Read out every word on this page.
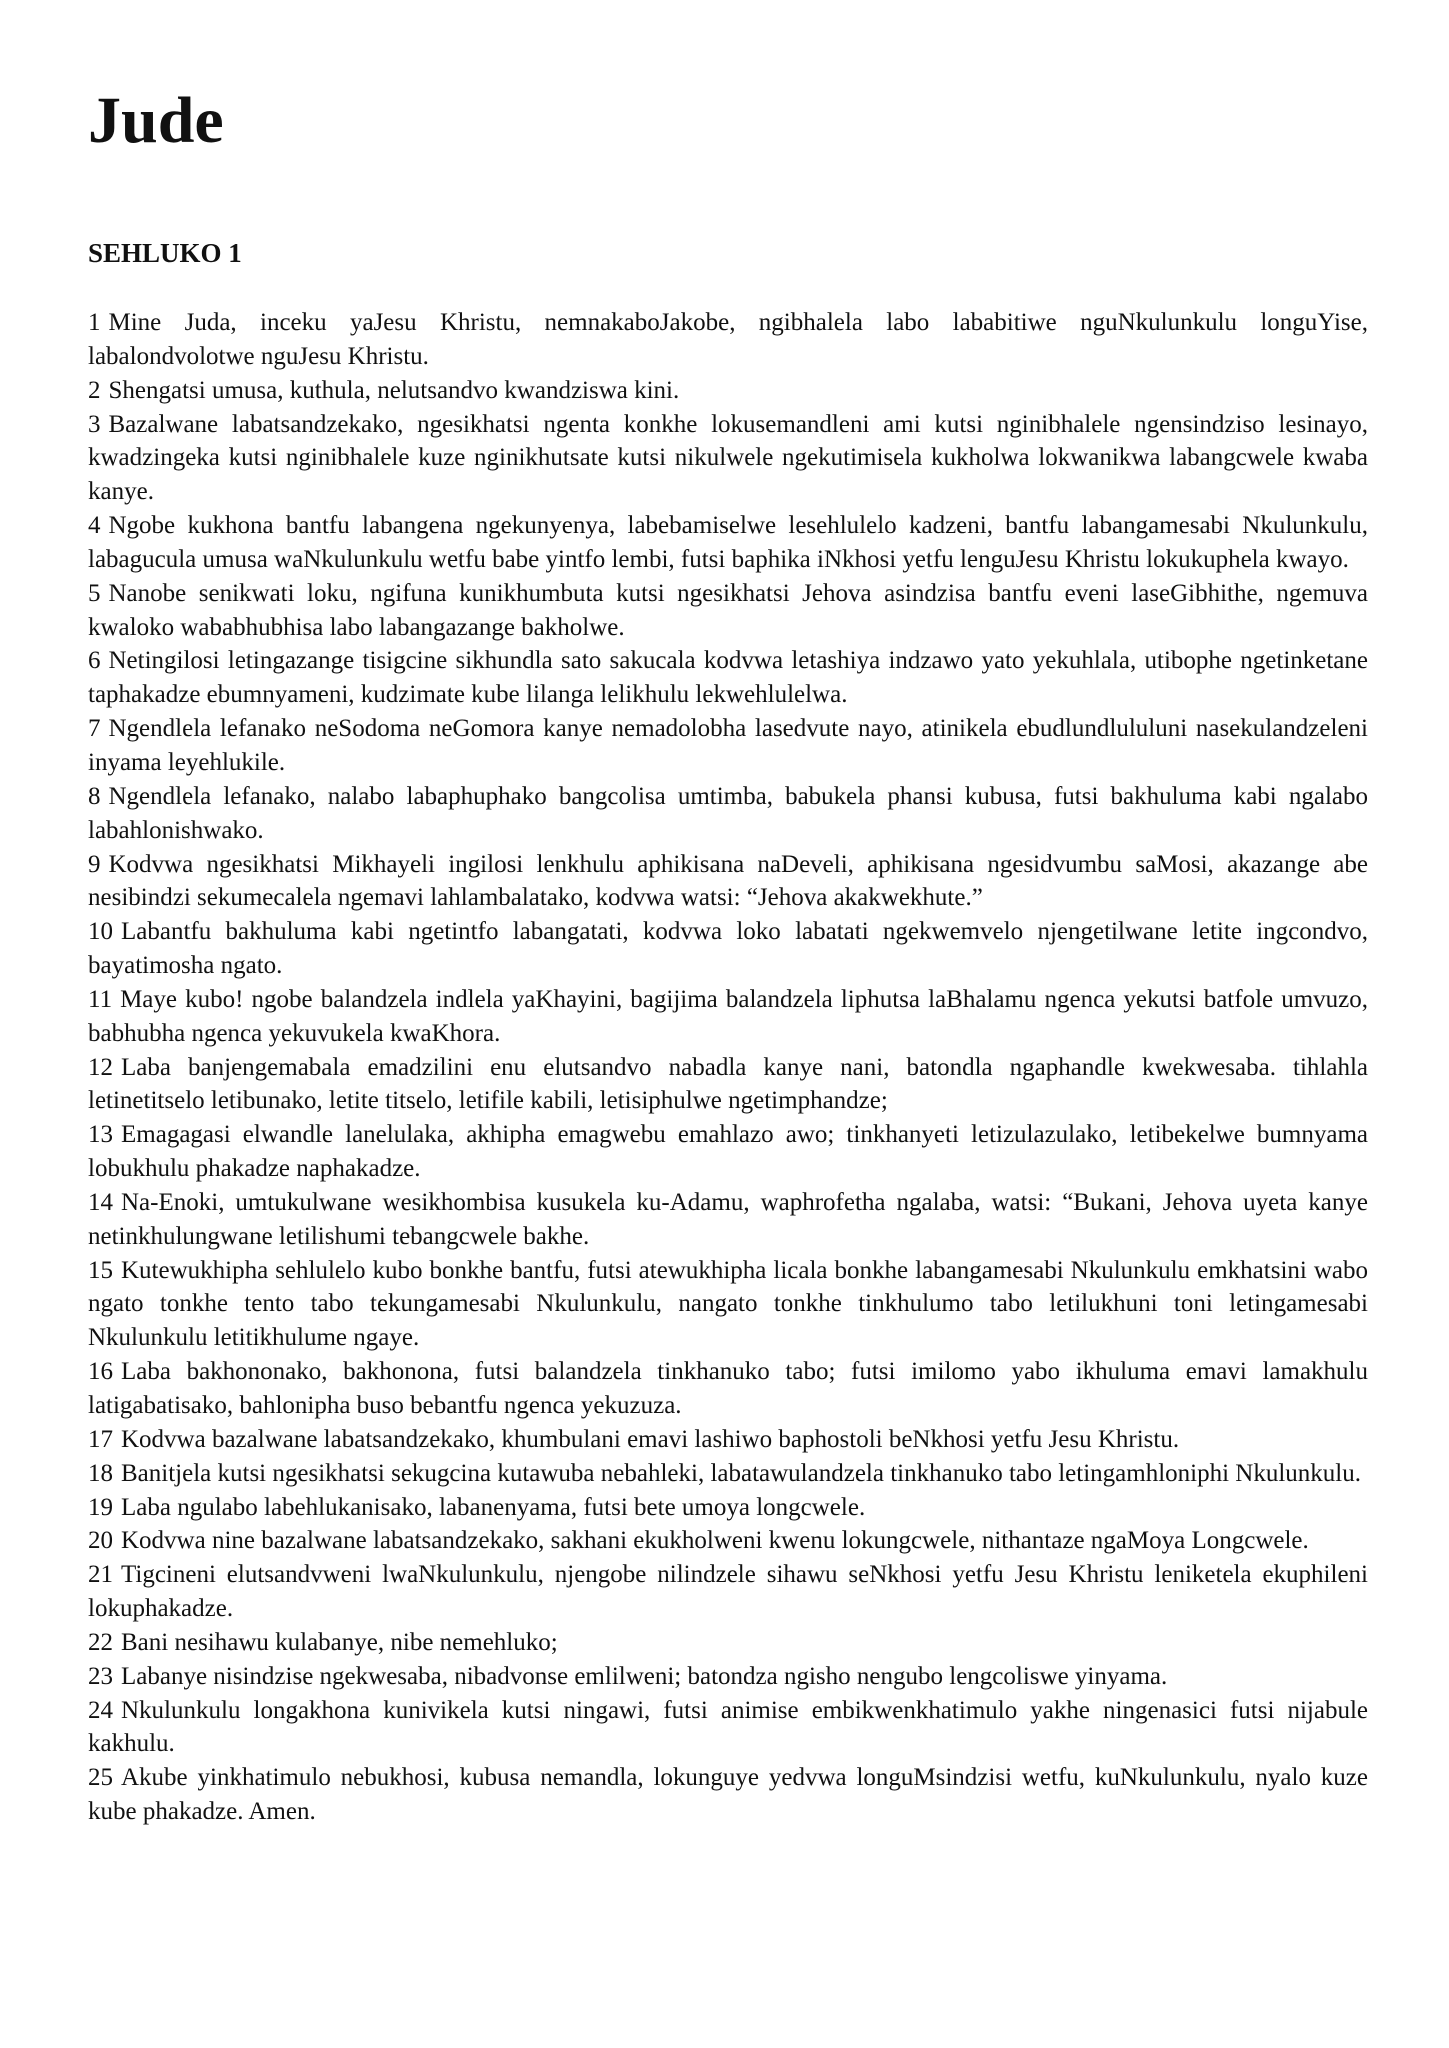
Jude
SEHLUKO 1
1 Mine Juda, inceku yaJesu Khristu, nemnakaboJakobe, ngibhalela labo lababitiwe nguNkulunkulu longuYise, labalondvolotwe nguJesu Khristu.
2 Shengatsi umusa, kuthula, nelutsandvo kwandziswa kini.
3 Bazalwane labatsandzekako, ngesikhatsi ngenta konkhe lokusemandleni ami kutsi nginibhalele ngensindziso lesinayo, kwadzingeka kutsi nginibhalele kuze nginikhutsate kutsi nikulwele ngekutimisela kukholwa lokwanikwa labangcwele kwaba kanye.
4 Ngobe kukhona bantfu labangena ngekunyenya, labebamiselwe lesehlulelo kadzeni, bantfu labangamesabi Nkulunkulu, labagucula umusa waNkulunkulu wetfu babe yintfo lembi, futsi baphika iNkhosi yetfu lenguJesu Khristu lokukuphela kwayo.
5 Nanobe senikwati loku, ngifuna kunikhumbuta kutsi ngesikhatsi Jehova asindzisa bantfu eveni laseGibhithe, ngemuva kwaloko wababhubhisa labo labangazange bakholwe.
6 Netingilosi letingazange tisigcine sikhundla sato sakucala kodvwa letashiya indzawo yato yekuhlala, utibophe ngetinketane taphakadze ebumnyameni, kudzimate kube lilanga lelikhulu lekwehlulelwa.
7 Ngendlela lefanako neSodoma neGomora kanye nemadolobha lasedvute nayo, atinikela ebudlundlululuni nasekulandzeleni inyama leyehlukile.
8 Ngendlela lefanako, nalabo labaphuphako bangcolisa umtimba, babukela phansi kubusa, futsi bakhuluma kabi ngalabo labahlonishwako.
9 Kodvwa ngesikhatsi Mikhayeli ingilosi lenkhulu aphikisana naDeveli, aphikisana ngesidvumbu saMosi, akazange abe nesibindzi sekumecalela ngemavi lahlambalatako, kodvwa watsi: “Jehova akakwekhute.”
10 Labantfu bakhuluma kabi ngetintfo labangatati, kodvwa loko labatati ngekwemvelo njengetilwane letite ingcondvo, bayatimosha ngato.
11 Maye kubo! ngobe balandzela indlela yaKhayini, bagijima balandzela liphutsa laBhalamu ngenca yekutsi batfole umvuzo, babhubha ngenca yekuvukela kwaKhora.
12 Laba banjengemabala emadzilini enu elutsandvo nabadla kanye nani, batondla ngaphandle kwekwesaba. tihlahla letinetitselo letibunako, letite titselo, letifile kabili, letisiphulwe ngetimphandze;
13 Emagagasi elwandle lanelulaka, akhipha emagwebu emahlazo awo; tinkhanyeti letizulazulako, letibekelwe bumnyama lobukhulu phakadze naphakadze.
14 Na-Enoki, umtukulwane wesikhombisa kusukela ku-Adamu, waphrofetha ngalaba, watsi: “Bukani, Jehova uyeta kanye netinkhulungwane letilishumi tebangcwele bakhe.
15 Kutewukhipha sehlulelo kubo bonkhe bantfu, futsi atewukhipha licala bonkhe labangamesabi Nkulunkulu emkhatsini wabo ngato tonkhe tento tabo tekungamesabi Nkulunkulu, nangato tonkhe tinkhulumo tabo letilukhuni toni letingamesabi Nkulunkulu letitikhulume ngaye.
16 Laba bakhononako, bakhonona, futsi balandzela tinkhanuko tabo; futsi imilomo yabo ikhuluma emavi lamakhulu latigabatisako, bahlonipha buso bebantfu ngenca yekuzuza.
17 Kodvwa bazalwane labatsandzekako, khumbulani emavi lashiwo baphostoli beNkhosi yetfu Jesu Khristu.
18 Banitjela kutsi ngesikhatsi sekugcina kutawuba nebahleki, labatawulandzela tinkhanuko tabo letingamhloniphi Nkulunkulu.
19 Laba ngulabo labehlukanisako, labanenyama, futsi bete umoya longcwele.
20 Kodvwa nine bazalwane labatsandzekako, sakhani ekukholweni kwenu lokungcwele, nithantaze ngaMoya Longcwele.
21 Tigcineni elutsandvweni lwaNkulunkulu, njengobe nilindzele sihawu seNkhosi yetfu Jesu Khristu leniketela ekuphileni lokuphakadze.
22 Bani nesihawu kulabanye, nibe nemehluko;
23 Labanye nisindzise ngekwesaba, nibadvonse emlilweni; batondza ngisho nengubo lengcoliswe yinyama.
24 Nkulunkulu longakhona kunivikela kutsi ningawi, futsi animise embikwenkhatimulo yakhe ningenasici futsi nijabule kakhulu.
25 Akube yinkhatimulo nebukhosi, kubusa nemandla, lokunguye yedvwa longuMsindzisi wetfu, kuNkulunkulu, nyalo kuze kube phakadze. Amen.
